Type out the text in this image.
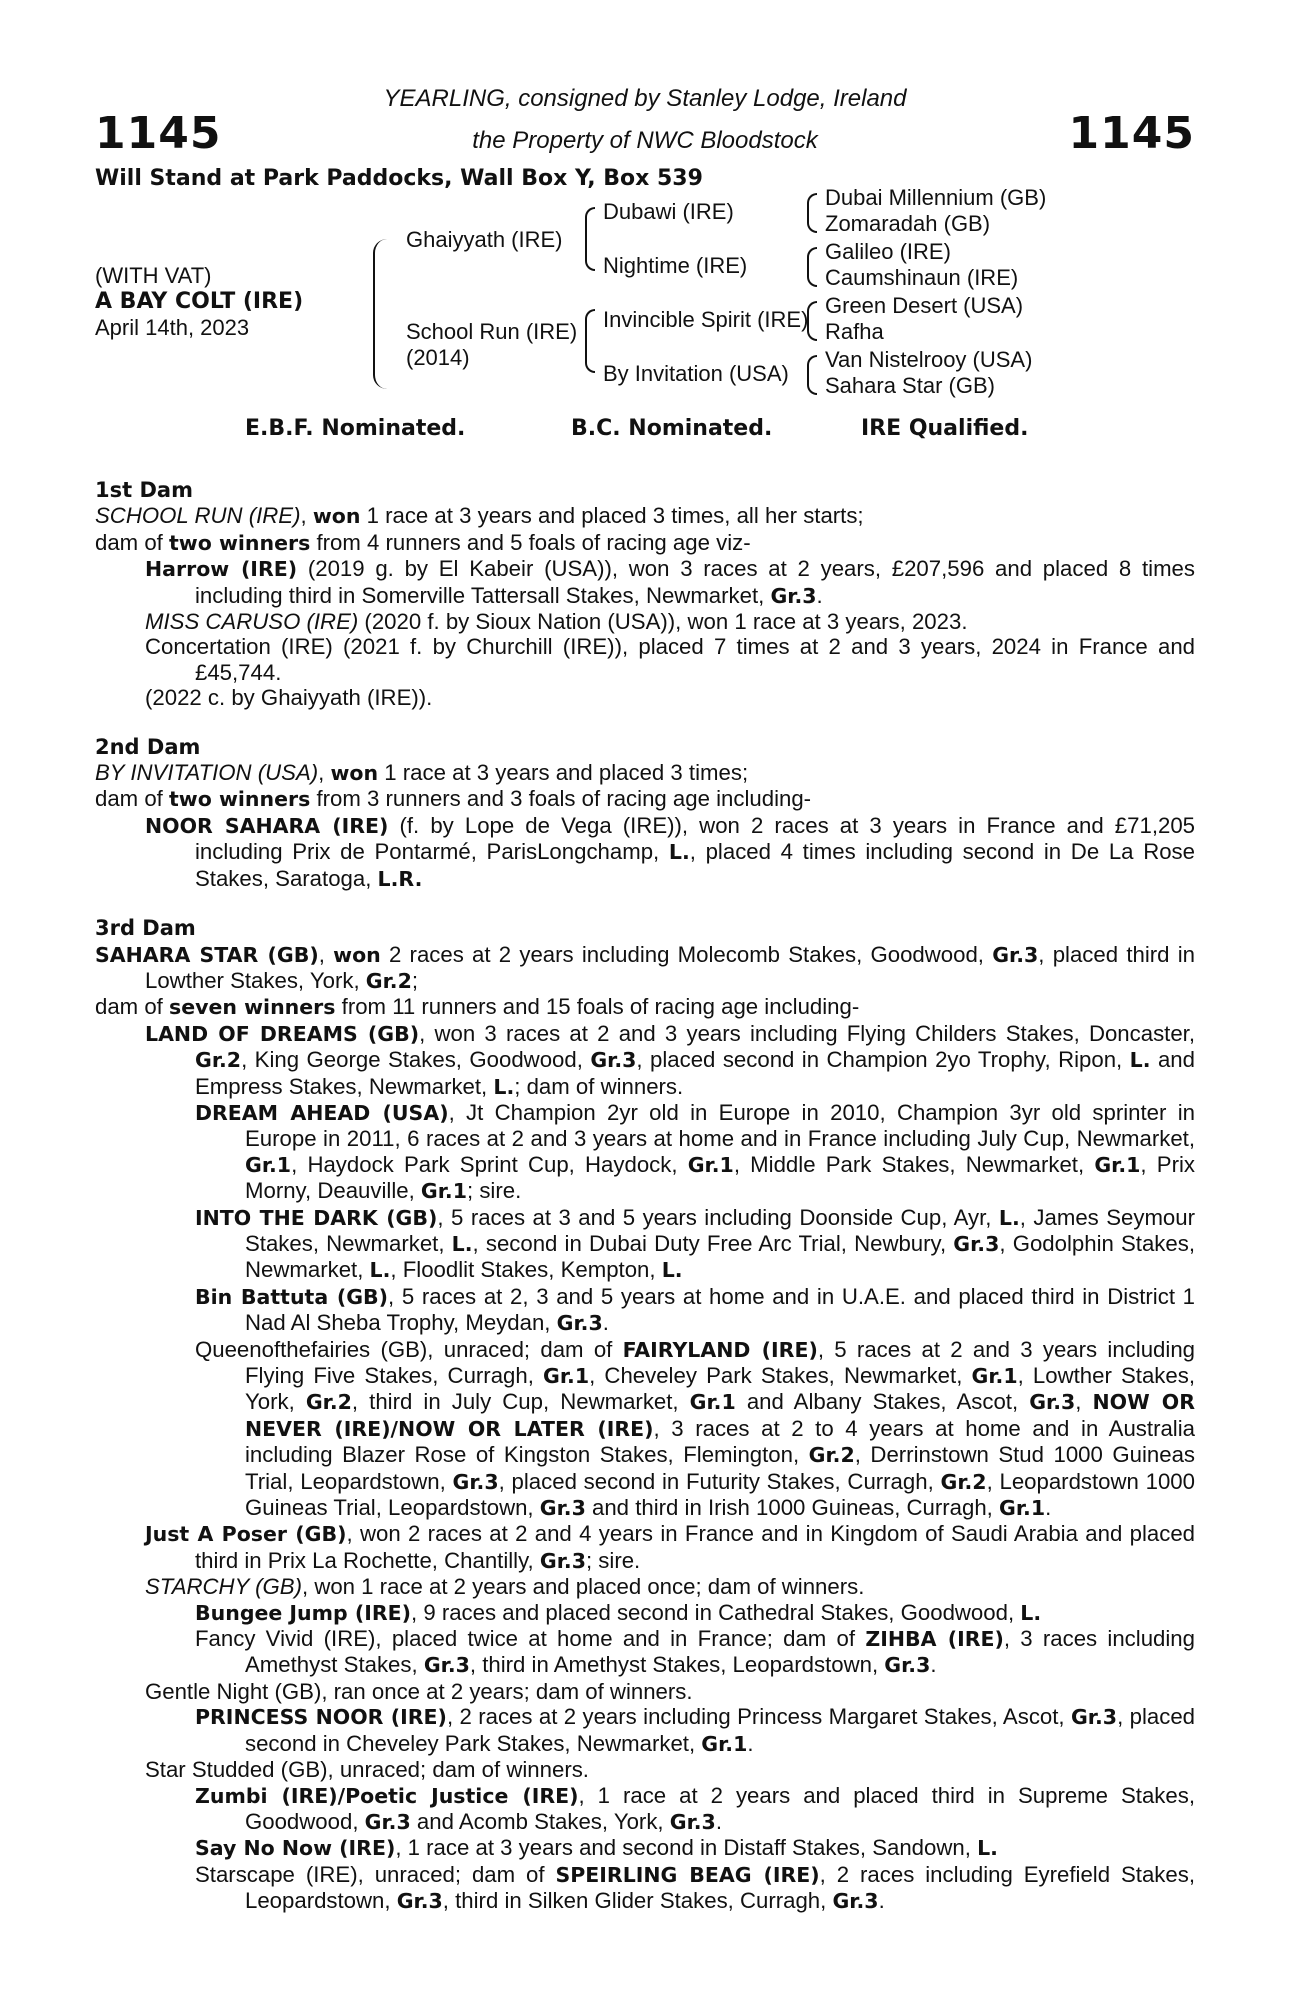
1145
YEARLING, consigned by Stanley Lodge, Ireland
the Property of NWC Bloodstock	1145
Will Stand at Park Paddocks, Wall Box Y, Box 539
(WITH VAT)
A BAY COLT (IRE)
April 14th, 2023
Ghaiyyath (IRE)
School Run (IRE)
(2014)
Dubawi (IRE)
Nightime (IRE)
Invincible Spirit (IRE)
By Invitation (USA)
Dubai Millennium (GB)
Zomaradah (GB)
Galileo (IRE)
Caumshinaun (IRE)
Green Desert (USA)
Rafha
Van Nistelrooy (USA)
Sahara Star (GB)
E.B.F. Nominated.	B.C. Nominated.	IRE Qualified.
1st Dam
SCHOOL RUN (IRE), won 1 race at 3 years and placed 3 times, all her starts;
dam of two winners from 4 runners and 5 foals of racing age viz-
Harrow (IRE) (2019 g. by El Kabeir (USA)), won 3 races at 2 years, £207,596 and placed 8 times including third in Somerville Tattersall Stakes, Newmarket, Gr.3.
MISS CARUSO (IRE) (2020 f. by Sioux Nation (USA)), won 1 race at 3 years, 2023.
Concertation (IRE) (2021 f. by Churchill (IRE)), placed 7 times at 2 and 3 years, 2024 in France and £45,744.
(2022 c. by Ghaiyyath (IRE)).
2nd Dam
BY INVITATION (USA), won 1 race at 3 years and placed 3 times;
dam of two winners from 3 runners and 3 foals of racing age including-
NOOR SAHARA (IRE) (f. by Lope de Vega (IRE)), won 2 races at 3 years in France and £71,205 including Prix de Pontarmé, ParisLongchamp, L., placed 4 times including second in De La Rose Stakes, Saratoga, L.R.
3rd Dam
SAHARA STAR (GB), won 2 races at 2 years including Molecomb Stakes, Goodwood, Gr.3, placed third in Lowther Stakes, York, Gr.2;
dam of seven winners from 11 runners and 15 foals of racing age including-
LAND OF DREAMS (GB), won 3 races at 2 and 3 years including Flying Childers Stakes, Doncaster, Gr.2, King George Stakes, Goodwood, Gr.3, placed second in Champion 2yo Trophy, Ripon, L. and Empress Stakes, Newmarket, L.; dam of winners.
DREAM AHEAD (USA), Jt Champion 2yr old in Europe in 2010, Champion 3yr old sprinter in Europe in 2011, 6 races at 2 and 3 years at home and in France including July Cup, Newmarket, Gr.1, Haydock Park Sprint Cup, Haydock, Gr.1, Middle Park Stakes, Newmarket, Gr.1, Prix Morny, Deauville, Gr.1; sire.
INTO THE DARK (GB), 5 races at 3 and 5 years including Doonside Cup, Ayr, L., James Seymour Stakes, Newmarket, L., second in Dubai Duty Free Arc Trial, Newbury, Gr.3, Godolphin Stakes, Newmarket, L., Floodlit Stakes, Kempton, L.
Bin Battuta (GB), 5 races at 2, 3 and 5 years at home and in U.A.E. and placed third in District 1 Nad Al Sheba Trophy, Meydan, Gr.3.
Queenofthefairies (GB), unraced; dam of FAIRYLAND (IRE), 5 races at 2 and 3 years including Flying Five Stakes, Curragh, Gr.1, Cheveley Park Stakes, Newmarket, Gr.1, Lowther Stakes, York, Gr.2, third in July Cup, Newmarket, Gr.1 and Albany Stakes, Ascot, Gr.3, NOW OR NEVER (IRE)/NOW OR LATER (IRE), 3 races at 2 to 4 years at home and in Australia including Blazer Rose of Kingston Stakes, Flemington, Gr.2, Derrinstown Stud 1000 Guineas Trial, Leopardstown, Gr.3, placed second in Futurity Stakes, Curragh, Gr.2, Leopardstown 1000 Guineas Trial, Leopardstown, Gr.3 and third in Irish 1000 Guineas, Curragh, Gr.1.
Just A Poser (GB), won 2 races at 2 and 4 years in France and in Kingdom of Saudi Arabia and placed third in Prix La Rochette, Chantilly, Gr.3; sire.
STARCHY (GB), won 1 race at 2 years and placed once; dam of winners.
Bungee Jump (IRE), 9 races and placed second in Cathedral Stakes, Goodwood, L.
Fancy Vivid (IRE), placed twice at home and in France; dam of ZIHBA (IRE), 3 races including Amethyst Stakes, Gr.3, third in Amethyst Stakes, Leopardstown, Gr.3.
Gentle Night (GB), ran once at 2 years; dam of winners.
PRINCESS NOOR (IRE), 2 races at 2 years including Princess Margaret Stakes, Ascot, Gr.3, placed second in Cheveley Park Stakes, Newmarket, Gr.1.
Star Studded (GB), unraced; dam of winners.
Zumbi (IRE)/Poetic Justice (IRE), 1 race at 2 years and placed third in Supreme Stakes, Goodwood, Gr.3 and Acomb Stakes, York, Gr.3.
Say No Now (IRE), 1 race at 3 years and second in Distaff Stakes, Sandown, L.
Starscape (IRE), unraced; dam of SPEIRLING BEAG (IRE), 2 races including Eyrefield Stakes, Leopardstown, Gr.3, third in Silken Glider Stakes, Curragh, Gr.3.
